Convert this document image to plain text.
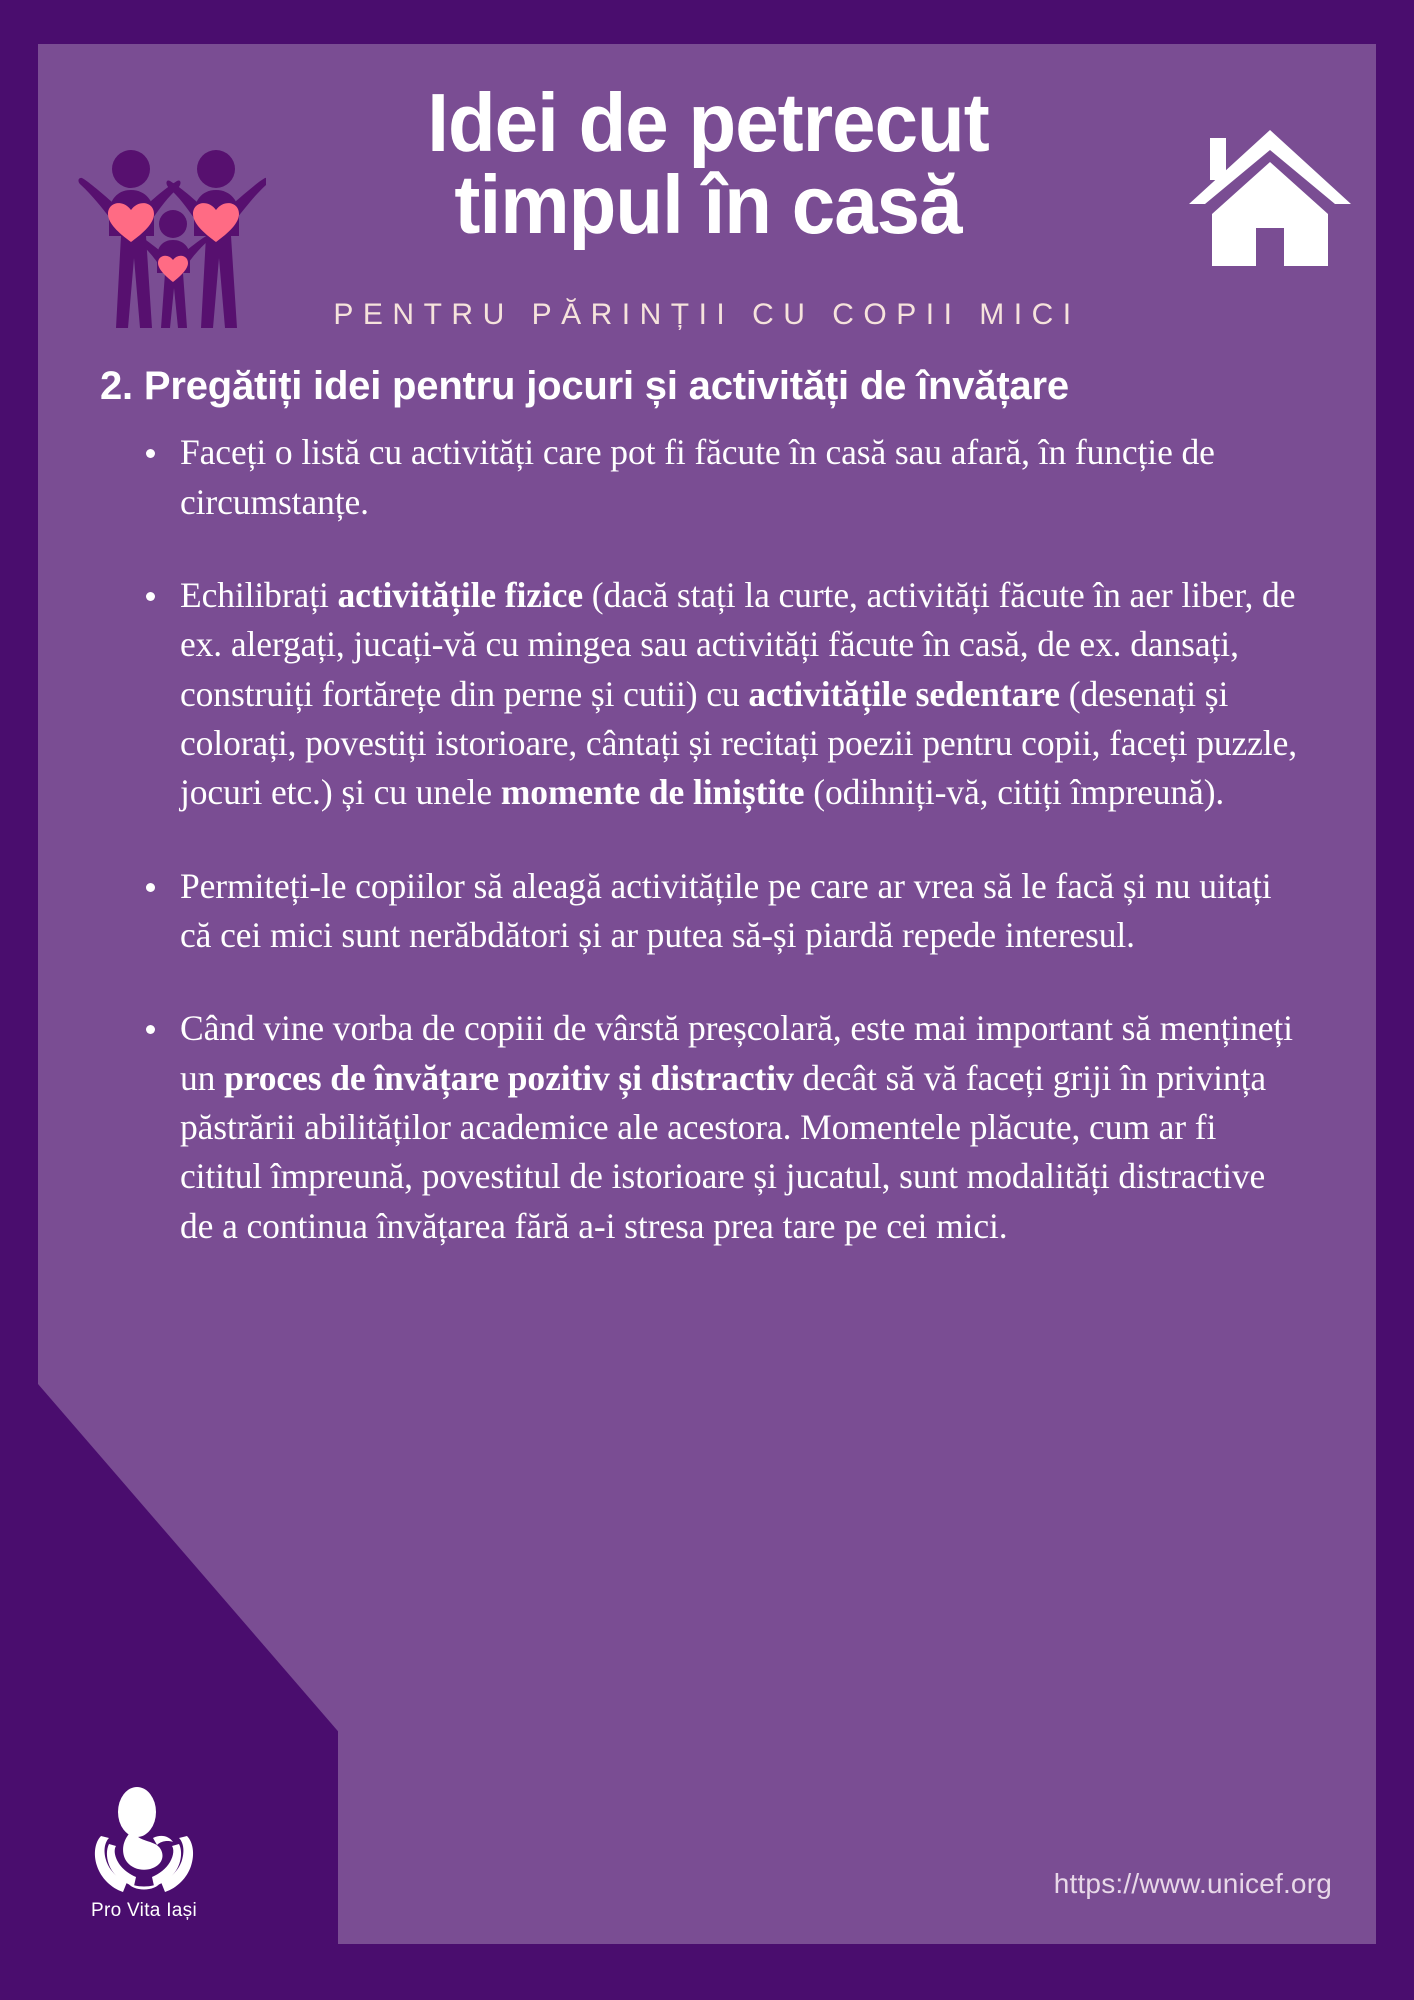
Idei de petrecut
timpul în casă
PENTRU PĂRINȚII CU COPII MICI
2. Pregătiți idei pentru jocuri și activități de învățare
Faceți o listă cu activități care pot fi făcute în casă sau afară, în funcție de circumstanțe.
Echilibrați activitățile fizice (dacă stați la curte, activități făcute în aer liber, de ex. alergați, jucați-vă cu mingea sau activități făcute în casă, de ex. dansați, construiți fortărețe din perne și cutii) cu activitățile sedentare (desenați și colorați, povestiți istorioare, cântați și recitați poezii pentru copii, faceți puzzle, jocuri etc.) și cu unele momente de liniștite (odihniți-vă, citiți împreună).
Permiteți-le copiilor să aleagă activitățile pe care ar vrea să le facă și nu uitați că cei mici sunt nerăbdători și ar putea să-și piardă repede interesul.
Când vine vorba de copiii de vârstă preșcolară, este mai important să mențineți un proces de învățare pozitiv și distractiv decât să vă faceți griji în privința păstrării abilităților academice ale acestora. Momentele plăcute, cum ar fi cititul împreună, povestitul de istorioare și jucatul, sunt modalități distractive de a continua învățarea fără a-i stresa prea tare pe cei mici.
Pro Vita Iași
https://www.unicef.org
